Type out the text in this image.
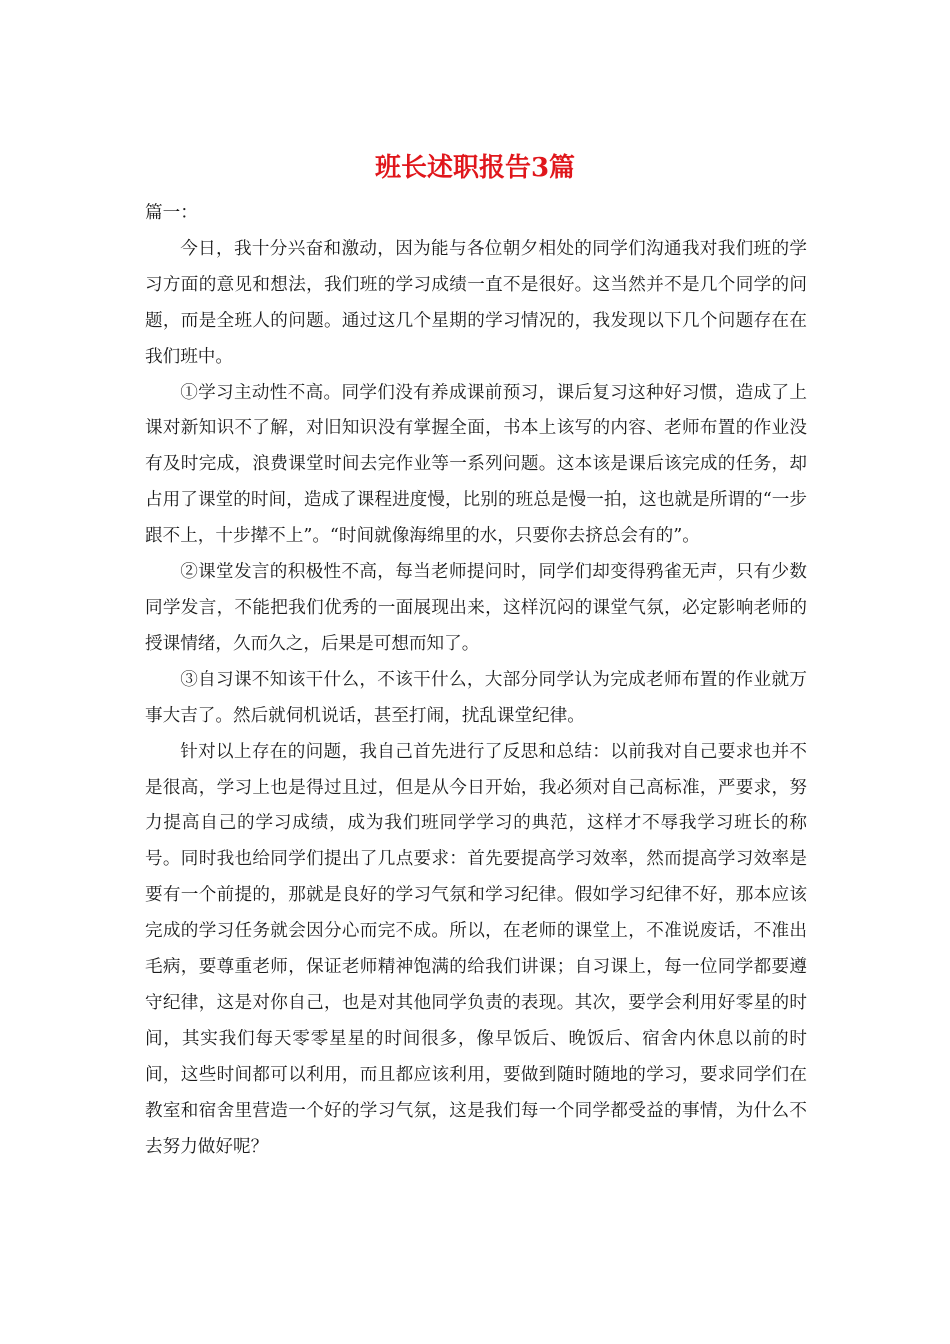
班长述职报告3篇

篇一：

今日，我十分兴奋和激动，因为能与各位朝夕相处的同学们沟通我对我们班的学习方面的意见和想法，我们班的学习成绩一直不是很好。这当然并不是几个同学的问题，而是全班人的问题。通过这几个星期的学习情况的，我发现以下几个问题存在在我们班中。

①学习主动性不高。同学们没有养成课前预习，课后复习这种好习惯，造成了上课对新知识不了解，对旧知识没有掌握全面，书本上该写的内容、老师布置的作业没有及时完成，浪费课堂时间去完作业等一系列问题。这本该是课后该完成的任务，却占用了课堂的时间，造成了课程进度慢，比别的班总是慢一拍，这也就是所谓的“一步跟不上，十步撵不上”。“时间就像海绵里的水，只要你去挤总会有的”。

②课堂发言的积极性不高，每当老师提问时，同学们却变得鸦雀无声，只有少数同学发言，不能把我们优秀的一面展现出来，这样沉闷的课堂气氛，必定影响老师的授课情绪，久而久之，后果是可想而知了。

③自习课不知该干什么，不该干什么，大部分同学认为完成老师布置的作业就万事大吉了。然后就伺机说话，甚至打闹，扰乱课堂纪律。

针对以上存在的问题，我自己首先进行了反思和总结：以前我对自己要求也并不是很高，学习上也是得过且过，但是从今日开始，我必须对自己高标准，严要求，努力提高自己的学习成绩，成为我们班同学学习的典范，这样才不辱我学习班长的称号。同时我也给同学们提出了几点要求：首先要提高学习效率，然而提高学习效率是要有一个前提的，那就是良好的学习气氛和学习纪律。假如学习纪律不好，那本应该完成的学习任务就会因分心而完不成。所以，在老师的课堂上，不准说废话，不准出毛病，要尊重老师，保证老师精神饱满的给我们讲课；自习课上，每一位同学都要遵守纪律，这是对你自己，也是对其他同学负责的表现。其次，要学会利用好零星的时间，其实我们每天零零星星的时间很多，像早饭后、晚饭后、宿舍内休息以前的时间，这些时间都可以利用，而且都应该利用，要做到随时随地的学习，要求同学们在教室和宿舍里营造一个好的学习气氛，这是我们每一个同学都受益的事情，为什么不去努力做好呢？
